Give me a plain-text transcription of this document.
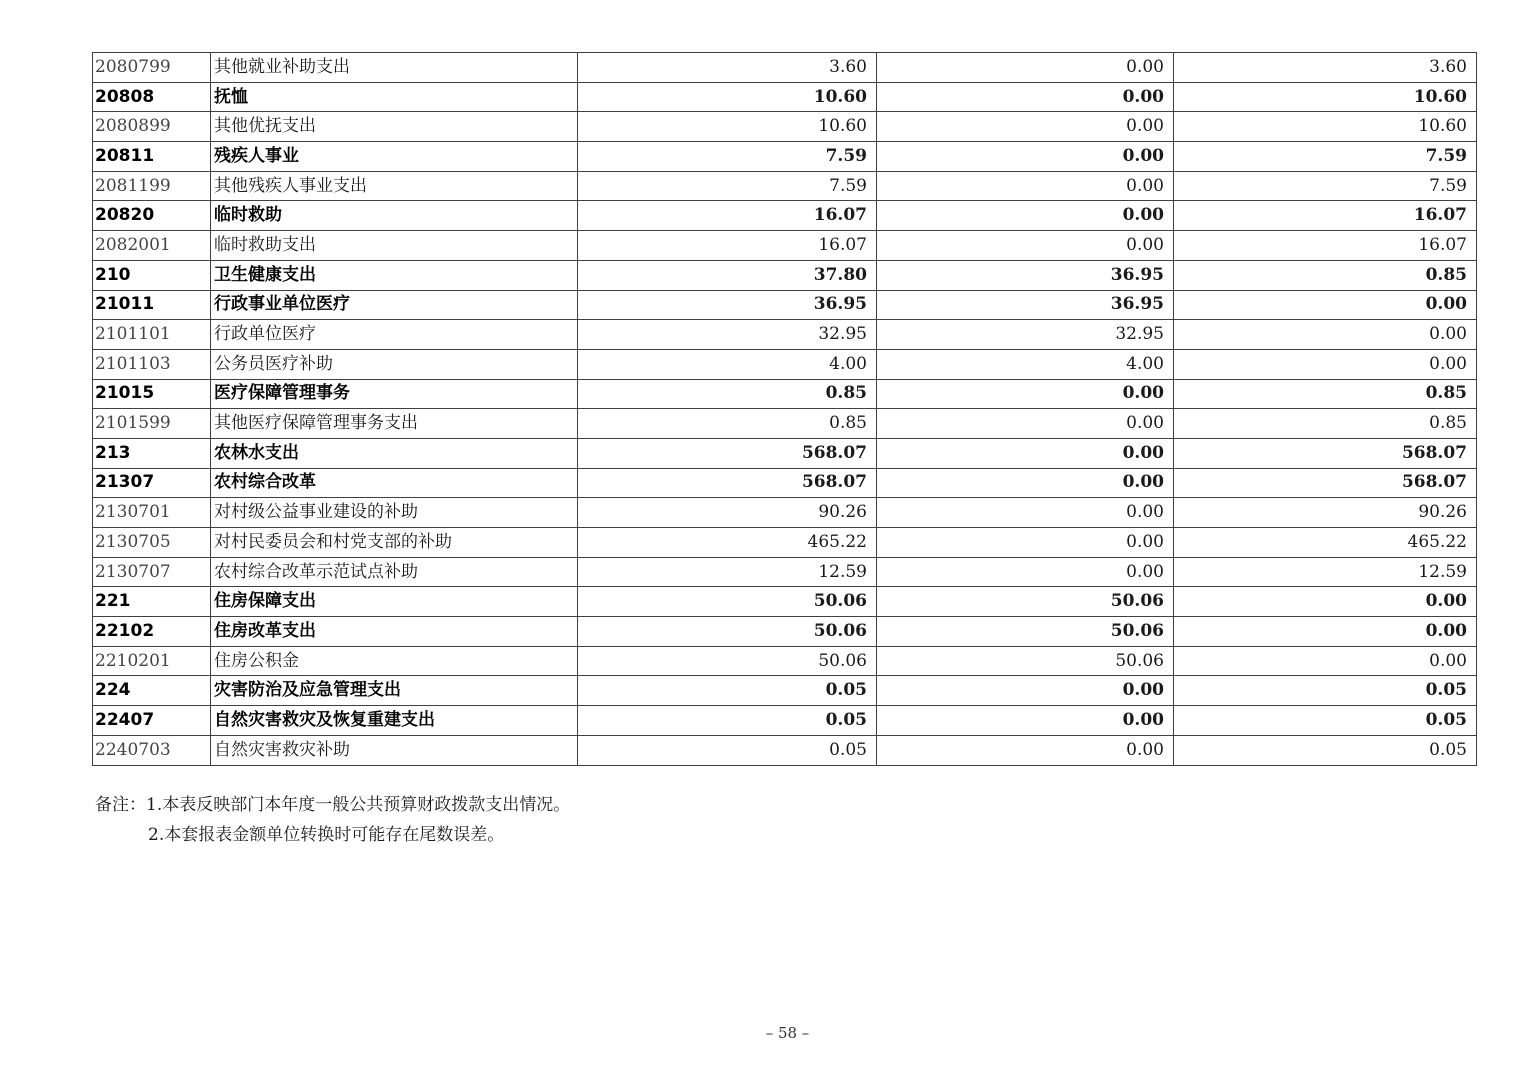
2080799	其他就业补助支出	3.60	0.00	3.60
20808	抚恤	10.60	0.00	10.60
2080899	其他优抚支出	10.60	0.00	10.60
20811	残疾人事业	7.59	0.00	7.59
2081199	其他残疾人事业支出	7.59	0.00	7.59
20820	临时救助	16.07	0.00	16.07
2082001	临时救助支出	16.07	0.00	16.07
210	卫生健康支出	37.80	36.95	0.85
21011	行政事业单位医疗	36.95	36.95	0.00
2101101	行政单位医疗	32.95	32.95	0.00
2101103	公务员医疗补助	4.00	4.00	0.00
21015	医疗保障管理事务	0.85	0.00	0.85
2101599	其他医疗保障管理事务支出	0.85	0.00	0.85
213	农林水支出	568.07	0.00	568.07
21307	农村综合改革	568.07	0.00	568.07
2130701	对村级公益事业建设的补助	90.26	0.00	90.26
2130705	对村民委员会和村党支部的补助	465.22	0.00	465.22
2130707	农村综合改革示范试点补助	12.59	0.00	12.59
221	住房保障支出	50.06	50.06	0.00
22102	住房改革支出	50.06	50.06	0.00
2210201	住房公积金	50.06	50.06	0.00
224	灾害防治及应急管理支出	0.05	0.00	0.05
22407	自然灾害救灾及恢复重建支出	0.05	0.00	0.05
2240703	自然灾害救灾补助	0.05	0.00	0.05
备注：1.本表反映部门本年度一般公共预算财政拨款支出情况。
2.本套报表金额单位转换时可能存在尾数误差。
– 58 –
